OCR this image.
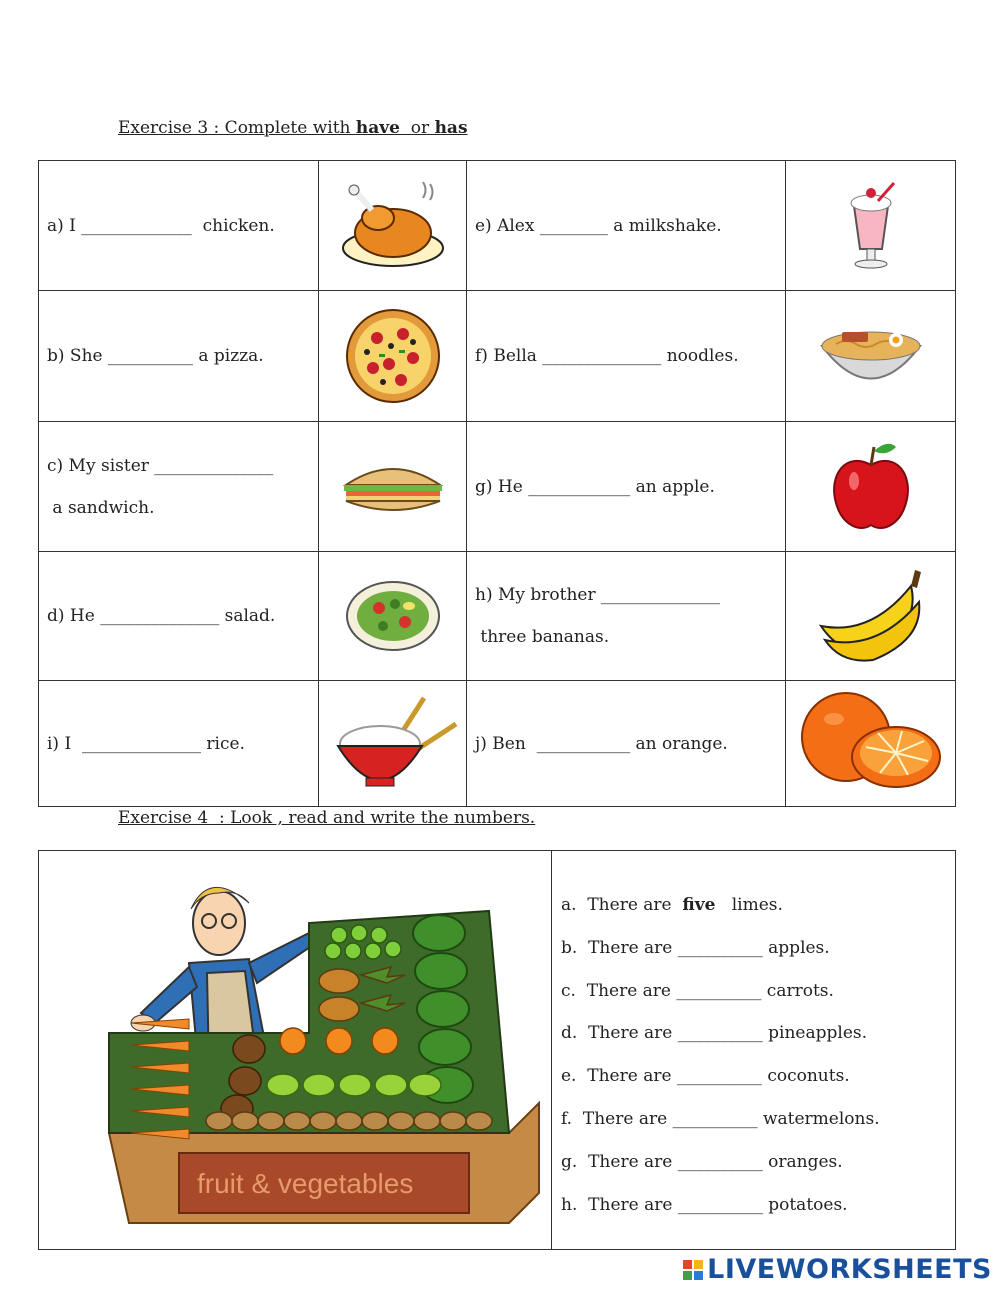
Exercise 3 : Complete with have  or has
a) I _____________  chicken.		e) Alex ________ a milkshake.

b) She __________ a pizza.		f) Bella ______________ noodles.

c) My sister ______________
a sandwich.		g) He ____________ an apple.

d) He ______________ salad.		h) My brother ______________
three bananas.

i) I  ______________ rice.		j) Ben  ___________ an orange.

Exercise 4  : Look , read and write the numbers.
fruit & vegetables
a.  There are  five   limes.
b.  There are __________ apples.
c.  There are __________ carrots.
d.  There are __________ pineapples.
e.  There are __________ coconuts.
f.  There are __________ watermelons.
g.  There are __________ oranges.
h.  There are __________ potatoes.
LIVEWORKSHEETS
